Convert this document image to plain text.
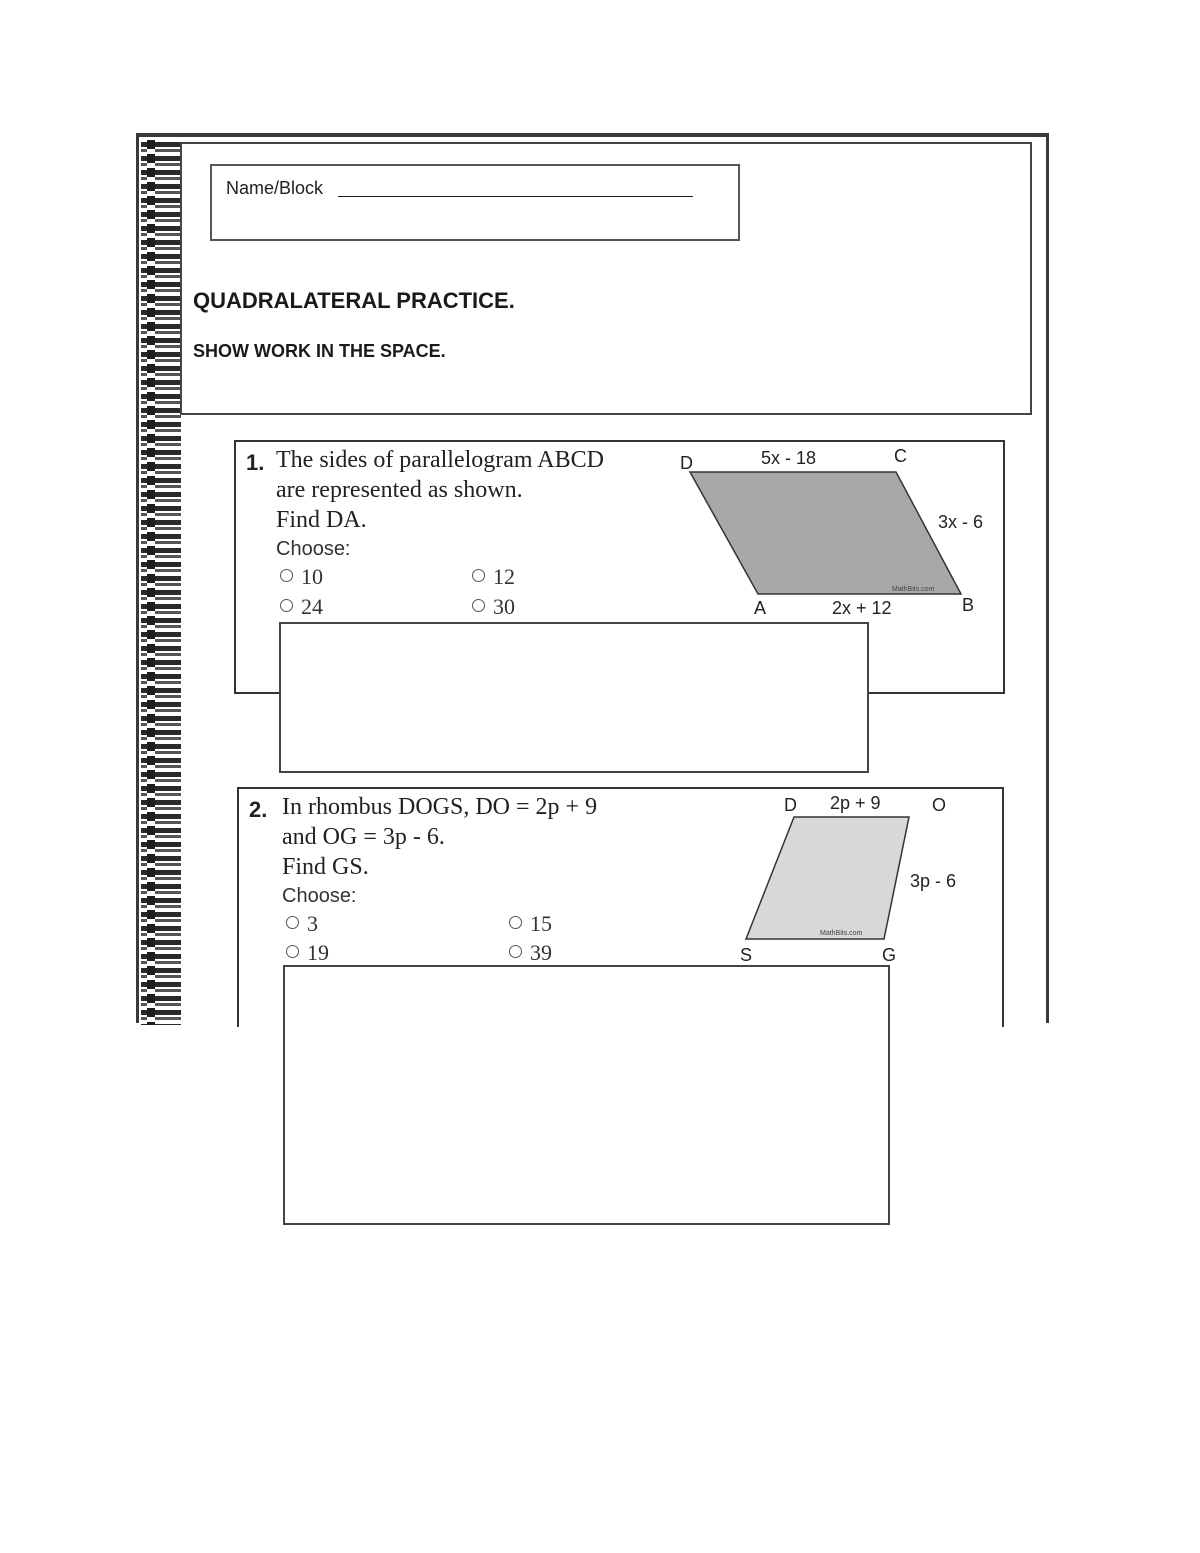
Name/Block
QUADRALATERAL PRACTICE.
SHOW WORK IN THE SPACE.
1. The sides of parallelogram ABCD
are represented as shown.
Find DA.
Choose:
10	12
24	30
D	C
A	B
5x - 18
3x - 6
2x + 12
MathBits.com
2. In rhombus DOGS, DO = 2p + 9
and OG = 3p - 6.
Find GS.
Choose:
3	15
19	39
D	O
S	G
2p + 9
3p - 6
MathBits.com
